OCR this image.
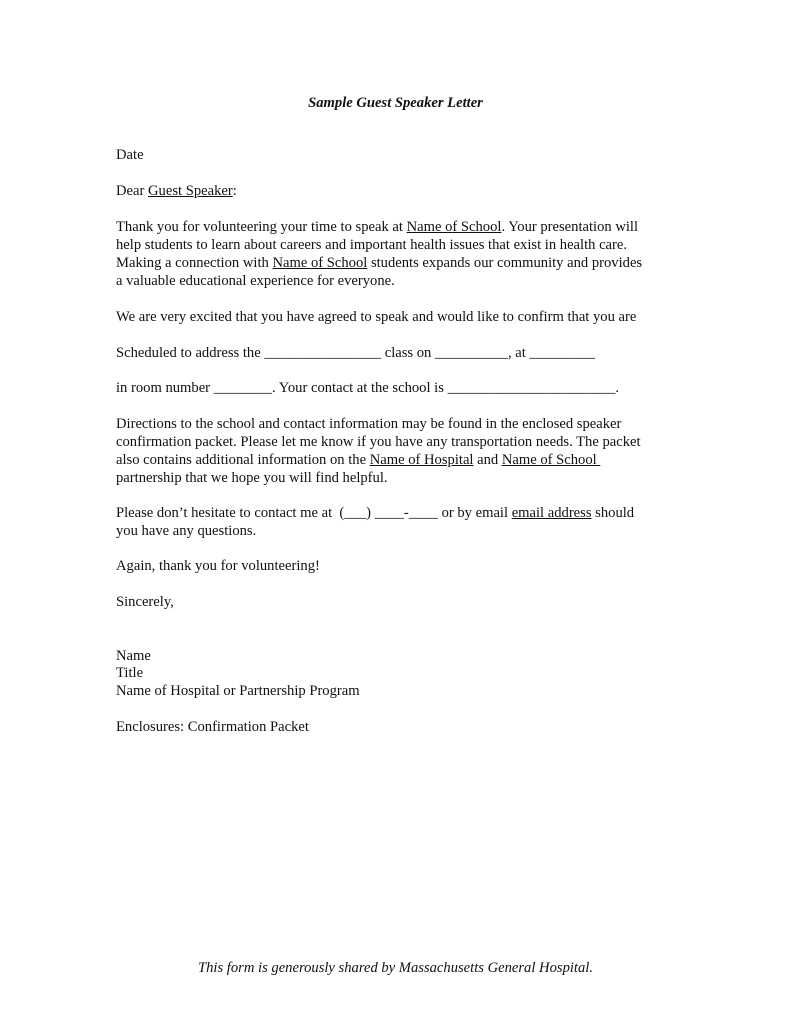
Sample Guest Speaker Letter

Date

Dear Guest Speaker:

Thank you for volunteering your time to speak at Name of School. Your presentation will

help students to learn about careers and important health issues that exist in health care.

Making a connection with Name of School students expands our community and provides

a valuable educational experience for everyone.

We are very excited that you have agreed to speak and would like to confirm that you are

Scheduled to address the ________________ class on __________, at _________

in room number ________. Your contact at the school is _______________________.

Directions to the school and contact information may be found in the enclosed speaker

confirmation packet. Please let me know if you have any transportation needs. The packet

also contains additional information on the Name of Hospital and Name of School

partnership that we hope you will find helpful.

Please don’t hesitate to contact me at  (___) ____-____ or by email email address should

you have any questions.

Again, thank you for volunteering!

Sincerely,

Name

Title

Name of Hospital or Partnership Program

Enclosures: Confirmation Packet

This form is generously shared by Massachusetts General Hospital.
